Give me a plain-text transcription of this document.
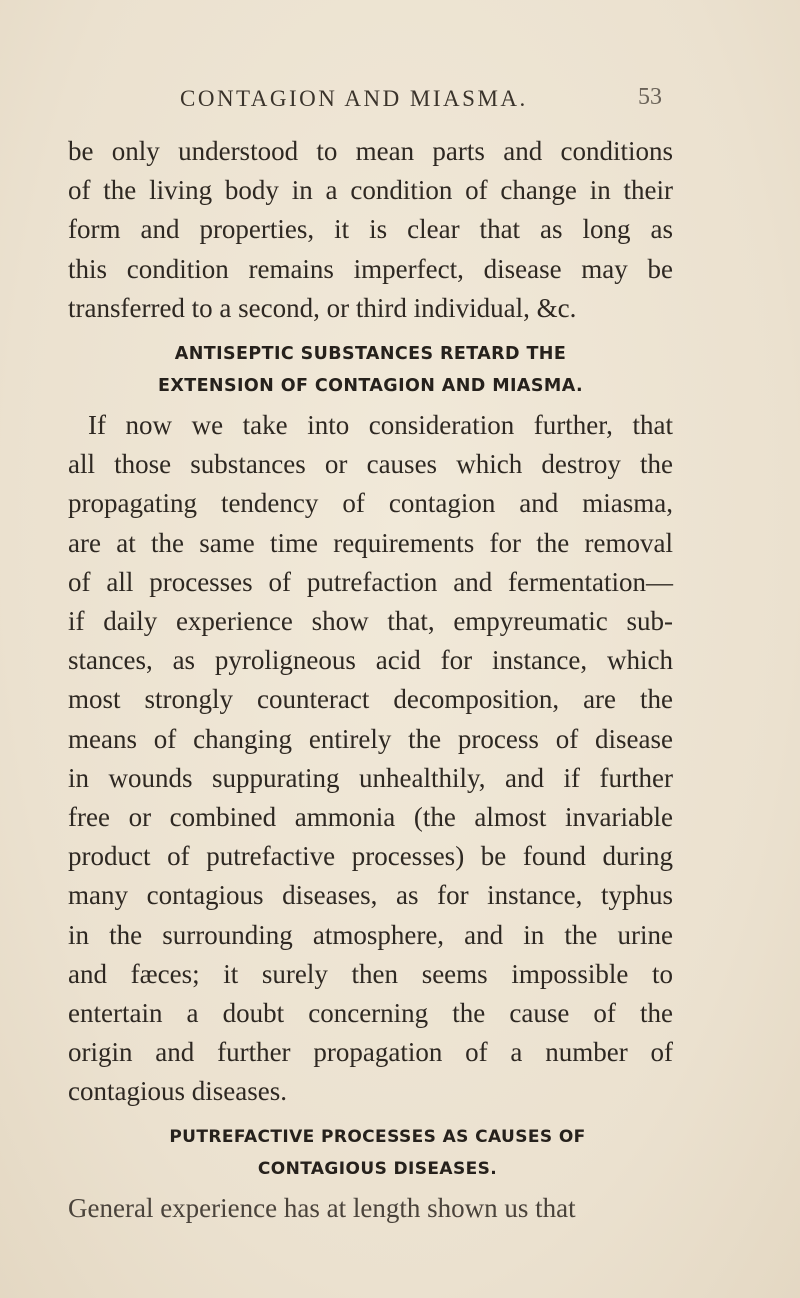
CONTAGION AND MIASMA.	53
be only understood to mean parts and conditions
of the living body in a condition of change in their
form and properties, it is clear that as long as
this condition remains imperfect, disease may be
transferred to a second, or third individual, &c.
ANTISEPTIC SUBSTANCES RETARD THE
EXTENSION OF CONTAGION AND MIASMA.
If now we take into consideration further, that
all those substances or causes which destroy the
propagating tendency of contagion and miasma,
are at the same time requirements for the removal
of all processes of putrefaction and fermentation—
if daily experience show that, empyreumatic sub-
stances, as pyroligneous acid for instance, which
most strongly counteract decomposition, are the
means of changing entirely the process of disease
in wounds suppurating unhealthily, and if further
free or combined ammonia (the almost invariable
product of putrefactive processes) be found during
many contagious diseases, as for instance, typhus
in the surrounding atmosphere, and in the urine
and fæces; it surely then seems impossible to
entertain a doubt concerning the cause of the
origin and further propagation of a number of
contagious diseases.
PUTREFACTIVE PROCESSES AS CAUSES OF
CONTAGIOUS DISEASES.
General experience has at length shown us that
